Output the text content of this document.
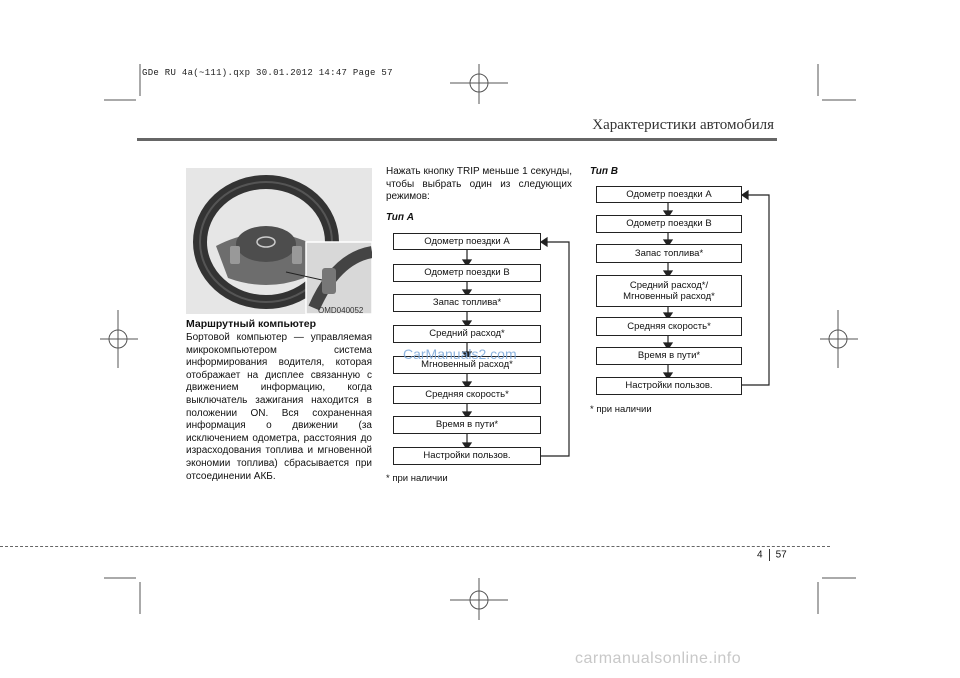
GDe RU 4a(~111).qxp 30.01.2012 14:47 Page 57
Характеристики автомобиля
OMD040052
Маршрутный компьютер
Бортовой компьютер — управляемая микрокомпьютером система информирования водителя, которая отображает на дисплее связанную с движением информацию, когда выключатель зажигания находится в положении ON. Вся сохраненная информация о движении (за исключением одометра, расстояния до израсходования топлива и мгновенной экономии топлива) сбрасывается при отсоединении АКБ.
Нажать кнопку TRIP меньше 1 секунды, чтобы выбрать один из следующих режимов:
Тип A
Одометр поездки A
Одометр поездки B
Запас топлива*
Средний расход*
Мгновенный расход*
Средняя скорость*
Время в пути*
Настройки пользов.
* при наличии
Тип B
Одометр поездки A
Одометр поездки B
Запас топлива*
Средний расход*/
Мгновенный расход*
Средняя скорость*
Время в пути*
Настройки пользов.
* при наличии
CarManuals2.com
4 57
carmanualsonline.info
